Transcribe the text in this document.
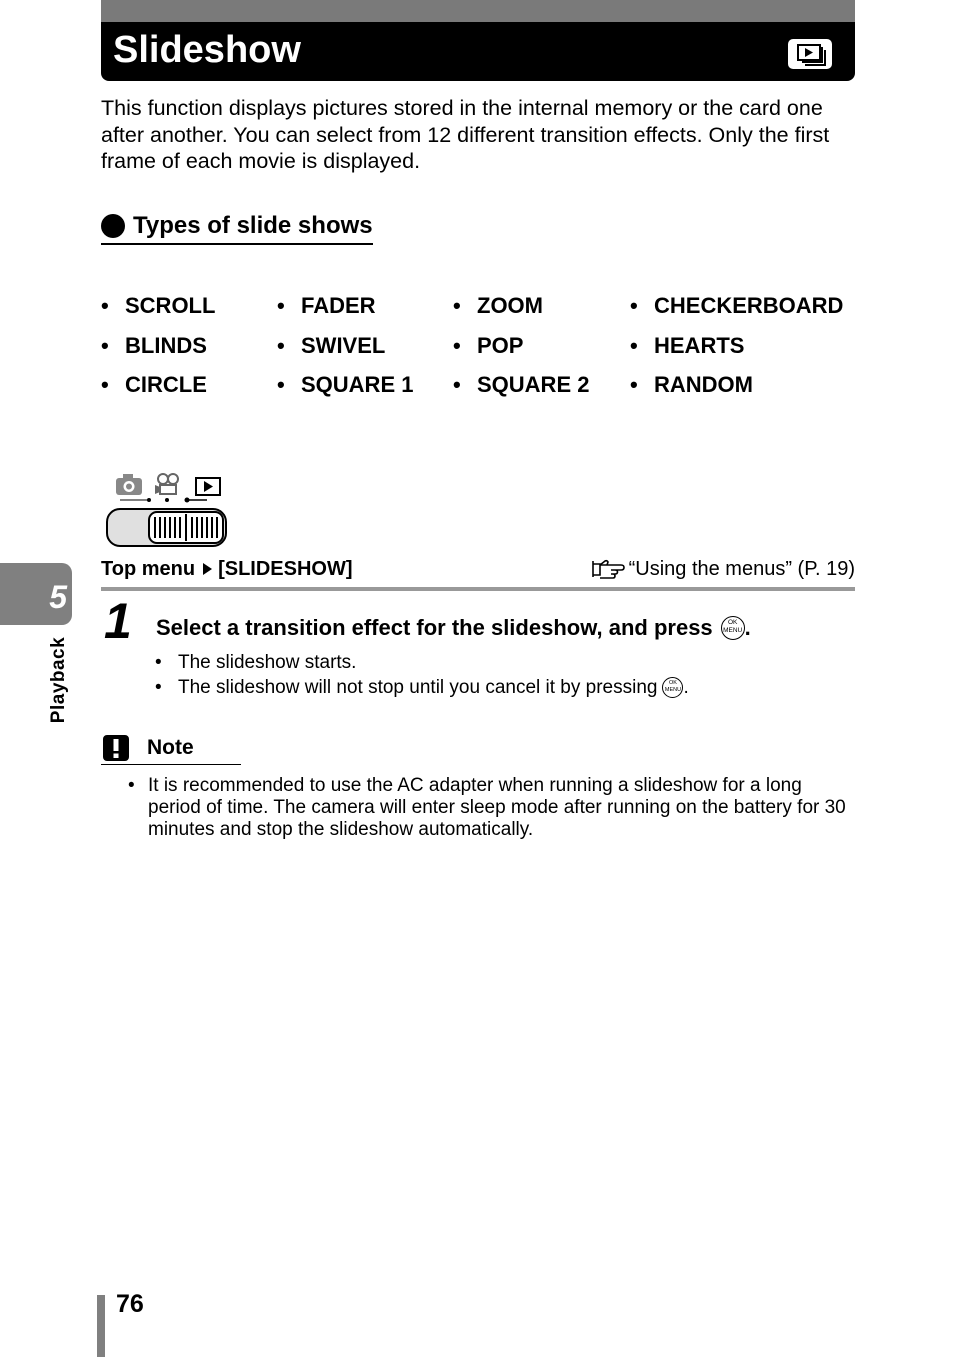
Slideshow

This function displays pictures stored in the internal memory or the card one after another. You can select from 12 different transition effects. Only the first frame of each movie is displayed.

Types of slide shows
• SCROLL
• BLINDS
• CIRCLE
• FADER
• SWIVEL
• SQUARE 1
• ZOOM
• POP
• SQUARE 2
• CHECKERBOARD
• HEARTS
• RANDOM
Top menu [SLIDESHOW]	“Using the menus” (P. 19)
1 Select a transition effect for the slideshow, and press	OK
MENU .
• The slideshow starts.
• The slideshow will not stop until you cancel it by pressing	OK
MENU .
Note

• It is recommended to use the AC adapter when running a slideshow for a long period of time. The camera will enter sleep mode after running on the battery for 30 minutes and stop the slideshow automatically.

5
Playback
76
